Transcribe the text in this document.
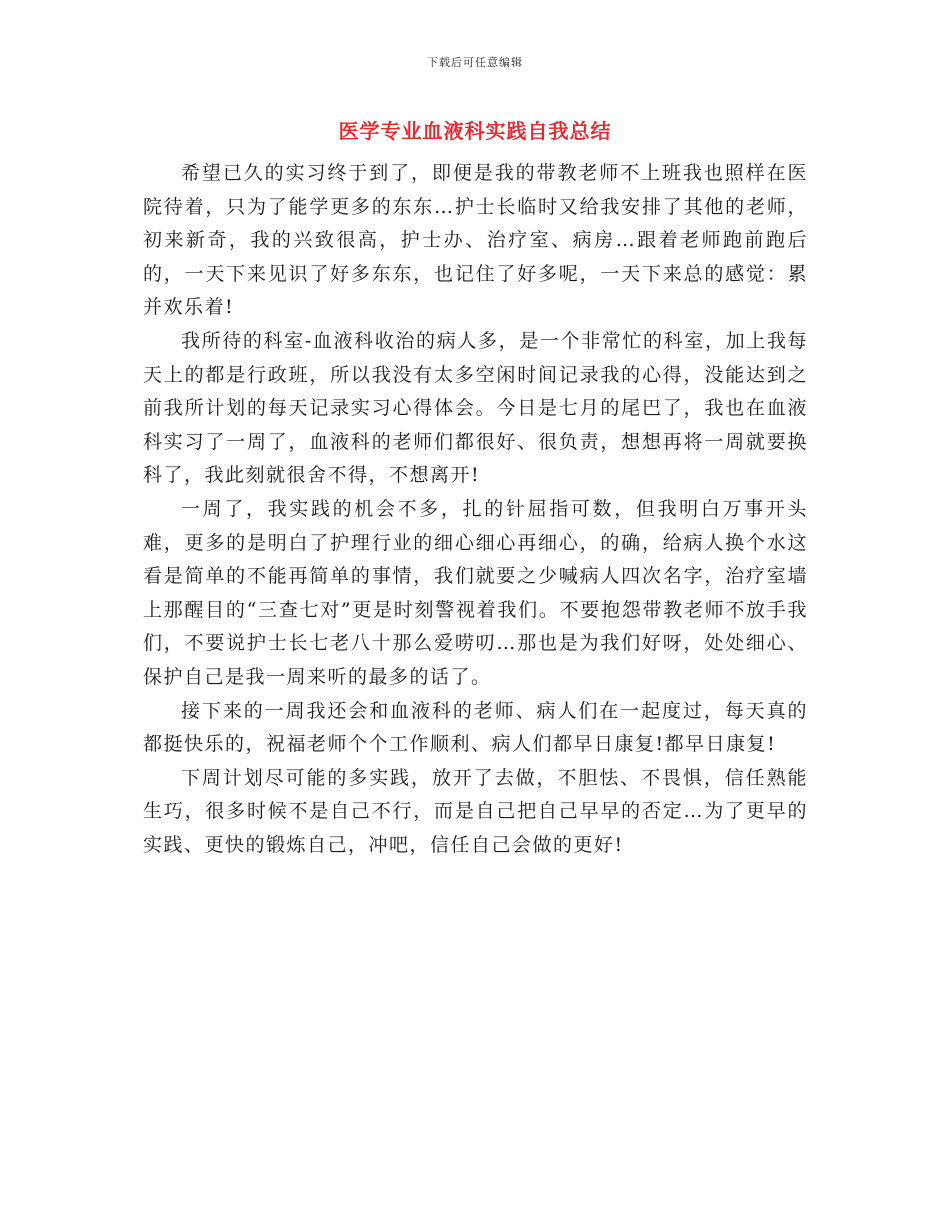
下载后可任意编辑
医学专业血液科实践自我总结

希望已久的实习终于到了，即便是我的带教老师不上班我也照样在医院待着，只为了能学更多的东东…护士长临时又给我安排了其他的老师，初来新奇，我的兴致很高，护士办、治疗室、病房…跟着老师跑前跑后的，一天下来见识了好多东东，也记住了好多呢，一天下来总的感觉：累并欢乐着!

我所待的科室-血液科收治的病人多，是一个非常忙的科室，加上我每天上的都是行政班，所以我没有太多空闲时间记录我的心得，没能达到之前我所计划的每天记录实习心得体会。今日是七月的尾巴了，我也在血液科实习了一周了，血液科的老师们都很好、很负责，想想再将一周就要换科了，我此刻就很舍不得，不想离开!

一周了，我实践的机会不多，扎的针屈指可数，但我明白万事开头难，更多的是明白了护理行业的细心细心再细心，的确，给病人换个水这看是简单的不能再简单的事情，我们就要之少喊病人四次名字，治疗室墙上那醒目的“三查七对”更是时刻警视着我们。不要抱怨带教老师不放手我们，不要说护士长七老八十那么爱唠叨…那也是为我们好呀，处处细心、保护自己是我一周来听的最多的话了。

接下来的一周我还会和血液科的老师、病人们在一起度过，每天真的都挺快乐的，祝福老师个个工作顺利、病人们都早日康复!都早日康复!

下周计划尽可能的多实践，放开了去做，不胆怯、不畏惧，信任熟能生巧，很多时候不是自己不行，而是自己把自己早早的否定…为了更早的实践、更快的锻炼自己，冲吧，信任自己会做的更好!
